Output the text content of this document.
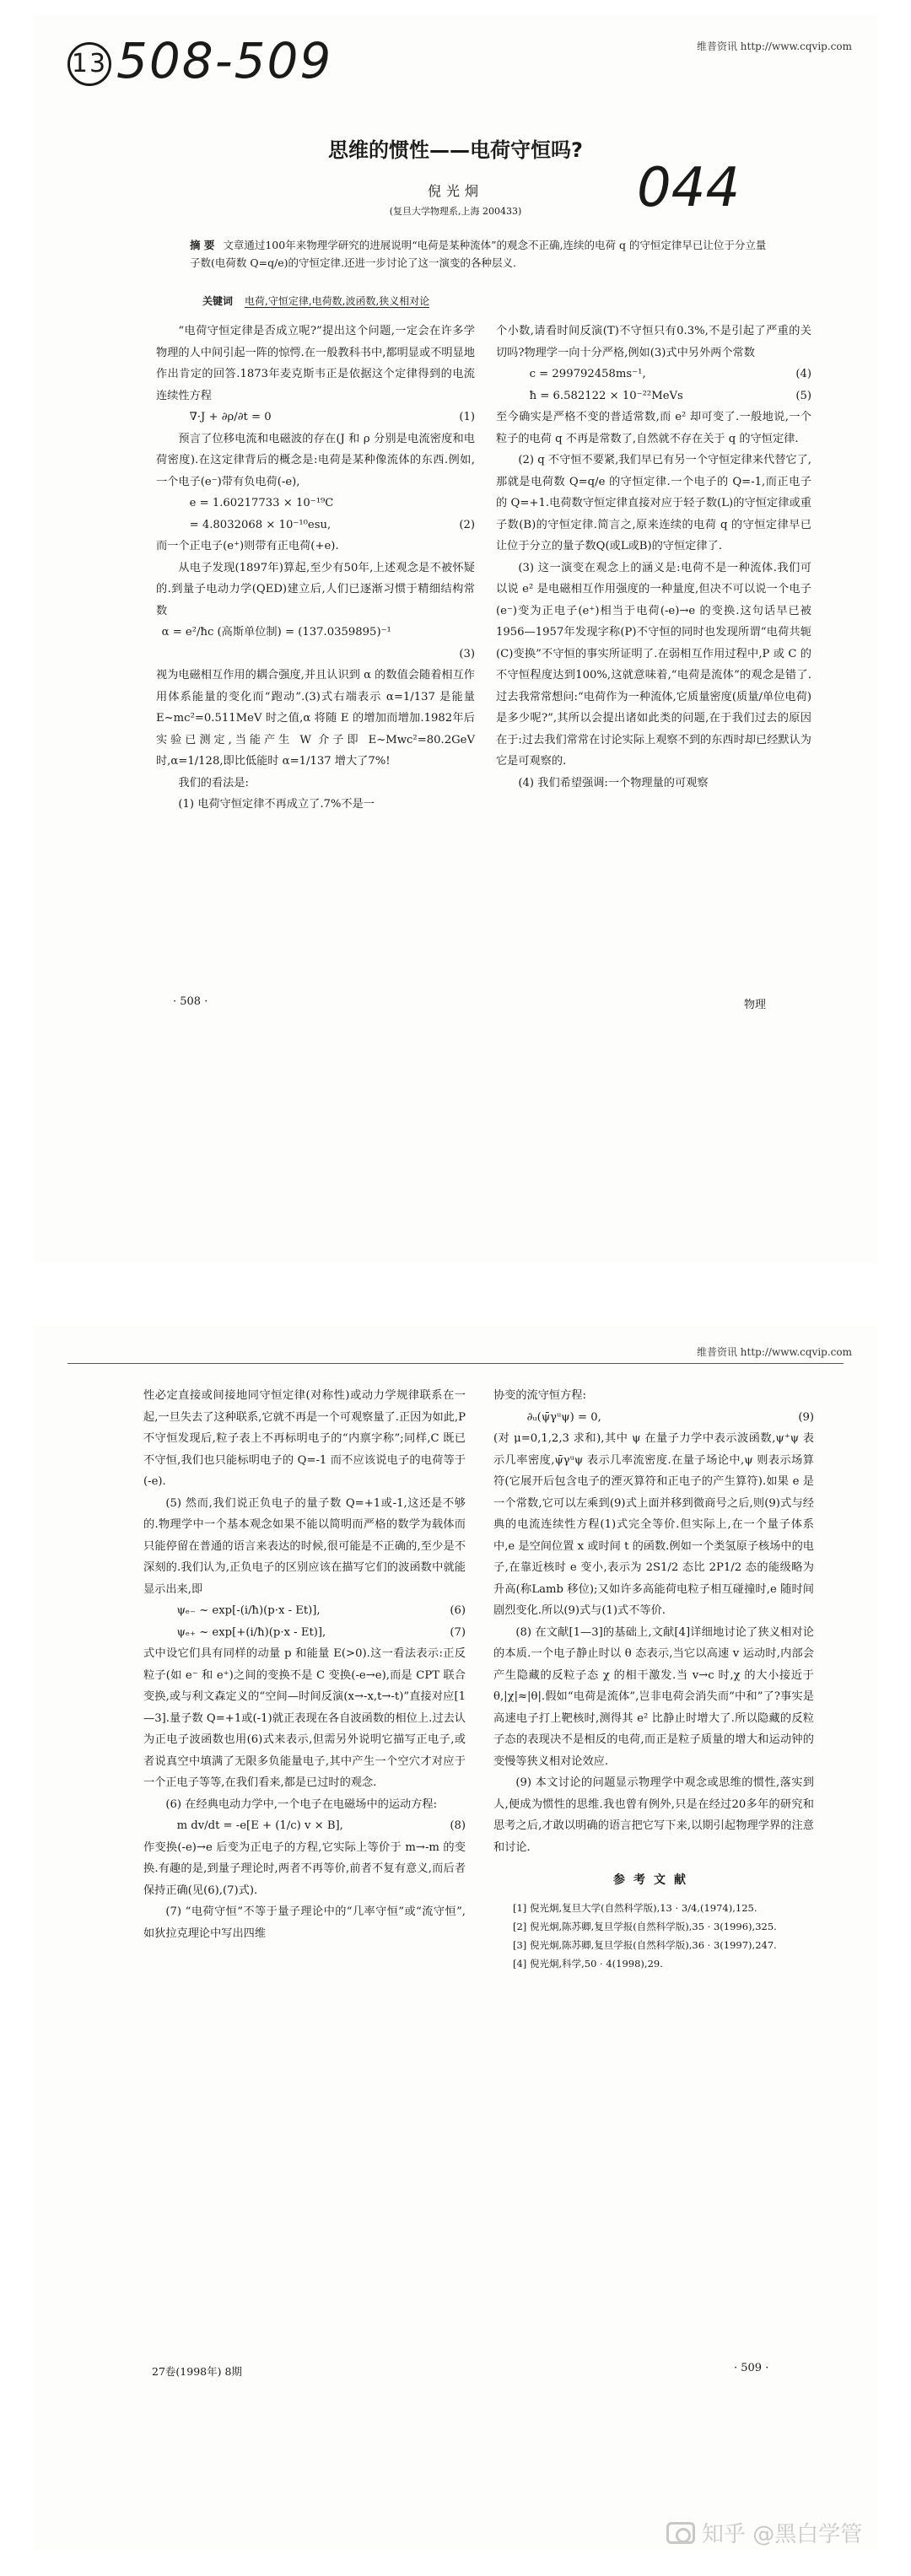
维普资讯 http://www.cqvip.com
13 508-509
044
思维的惯性——电荷守恒吗?
倪光炯
(复旦大学物理系,上海 200433)
摘 要 文章通过100年来物理学研究的进展说明“电荷是某种流体”的观念不正确,连续的电荷 q 的守恒定律早已让位于分立量子数(电荷数 Q=q/e)的守恒定律.还进一步讨论了这一演变的各种层义.
关键词 电荷,守恒定律,电荷数,波函数,狭义相对论

“电荷守恒定律是否成立呢?”提出这个问题,一定会在许多学物理的人中间引起一阵的惊愕.在一般教科书中,都明显或不明显地作出肯定的回答.1873年麦克斯韦正是依据这个定律得到的电流连续性方程

∇·J + ∂ρ/∂t = 0	(1)

预言了位移电流和电磁波的存在(J 和 ρ 分别是电流密度和电荷密度).在这定律背后的概念是:电荷是某种像流体的东西.例如,一个电子(e⁻)带有负电荷(-e),

e = 1.60217733 × 10⁻¹⁹C
= 4.8032068 × 10⁻¹⁰esu,	(2)

而一个正电子(e⁺)则带有正电荷(+e).

从电子发现(1897年)算起,至少有50年,上述观念是不被怀疑的.到量子电动力学(QED)建立后,人们已逐渐习惯于精细结构常数

α = e²/ħc (高斯单位制) = (137.0359895)⁻¹
(3)

视为电磁相互作用的耦合强度,并且认识到 α 的数值会随着相互作用体系能量的变化而“跑动”.(3)式右端表示 α=1/137 是能量 E~mc²=0.511MeV 时之值,α 将随 E 的增加而增加.1982年后实验已测定,当能产生 W 介子即 E~Mwc²=80.2GeV 时,α=1/128,即比低能时 α=1/137 增大了7%!

我们的看法是:

(1) 电荷守恒定律不再成立了.7%不是一

个小数,请看时间反演(T)不守恒只有0.3%,不是引起了严重的关切吗?物理学一向十分严格,例如(3)式中另外两个常数

c = 299792458ms⁻¹,	(4)
ħ = 6.582122 × 10⁻²²MeVs	(5)

至今确实是严格不变的普适常数,而 e² 却可变了.一般地说,一个粒子的电荷 q 不再是常数了,自然就不存在关于 q 的守恒定律.

(2) q 不守恒不要紧,我们早已有另一个守恒定律来代替它了,那就是电荷数 Q=q/e 的守恒定律.一个电子的 Q=-1,而正电子的 Q=+1.电荷数守恒定律直接对应于轻子数(L)的守恒定律或重子数(B)的守恒定律.简言之,原来连续的电荷 q 的守恒定律早已让位于分立的量子数Q(或L或B)的守恒定律了.

(3) 这一演变在观念上的涵义是:电荷不是一种流体.我们可以说 e² 是电磁相互作用强度的一种量度,但决不可以说一个电子(e⁻)变为正电子(e⁺)相当于电荷(-e)→e 的变换.这句话早已被1956—1957年发现字称(P)不守恒的同时也发现所谓“电荷共轭(C)变换”不守恒的事实所证明了.在弱相互作用过程中,P 或 C 的不守恒程度达到100%,这就意味着,“电荷是流体”的观念是错了.过去我常常想问:“电荷作为一种流体,它质量密度(质量/单位电荷)是多少呢?”,其所以会提出诸如此类的问题,在于我们过去的原因在于:过去我们常常在讨论实际上观察不到的东西时却已经默认为它是可观察的.

(4) 我们希望强调:一个物理量的可观察

· 508 ·	物理
维普资讯 http://www.cqvip.com

性必定直接或间接地同守恒定律(对称性)或动力学规律联系在一起,一旦失去了这种联系,它就不再是一个可观察量了.正因为如此,P 不守恒发现后,粒子表上不再标明电子的“内禀字称”;同样,C 既已不守恒,我们也只能标明电子的 Q=-1 而不应该说电子的电荷等于(-e).

(5) 然而,我们说正负电子的量子数 Q=+1或-1,这还是不够的.物理学中一个基本观念如果不能以简明而严格的数学为载体而只能停留在普通的语言来表达的时候,很可能是不正确的,至少是不深刻的.我们认为,正负电子的区别应该在描写它们的波函数中就能显示出来,即

ψₑ₋ ~ exp[-(i/ħ)(p·x - Et)],	(6)
ψₑ₊ ~ exp[+(i/ħ)(p·x - Et)],	(7)

式中设它们具有同样的动量 p 和能量 E(>0).这一看法表示:正反粒子(如 e⁻ 和 e⁺)之间的变换不是 C 变换(-e→e),而是 CPT 联合变换,或与利文森定义的“空间—时间反演(x→-x,t→-t)”直接对应[1—3].量子数 Q=+1或(-1)就正表现在各自波函数的相位上.过去认为正电子波函数也用(6)式来表示,但需另外说明它描写正电子,或者说真空中填满了无限多负能量电子,其中产生一个空穴才对应于一个正电子等等,在我们看来,都是已过时的观念.

(6) 在经典电动力学中,一个电子在电磁场中的运动方程:

m dv/dt = -e[E + (1/c) v × B],	(8)

作变换(-e)→e 后变为正电子的方程,它实际上等价于 m→-m 的变换.有趣的是,到量子理论时,两者不再等价,前者不复有意义,而后者保持正确(见(6),(7)式).

(7) “电荷守恒”不等于量子理论中的“几率守恒”或“流守恒”,如狄拉克理论中写出四维

协变的流守恒方程:

∂ᵤ(ψ̄γᵘψ) = 0,	(9)

(对 μ=0,1,2,3 求和),其中 ψ 在量子力学中表示波函数,ψ⁺ψ 表示几率密度,ψ̄γᵘψ 表示几率流密度.在量子场论中,ψ 则表示场算符(它展开后包含电子的湮灭算符和正电子的产生算符).如果 e 是一个常数,它可以左乘到(9)式上面并移到微商号之后,则(9)式与经典的电流连续性方程(1)式完全等价.但实际上,在一个量子体系中,e 是空间位置 x 或时间 t 的函数.例如一个类氢原子核场中的电子,在靠近核时 e 变小,表示为 2S1/2 态比 2P1/2 态的能级略为升高(称Lamb 移位);又如许多高能荷电粒子相互碰撞时,e 随时间剧烈变化.所以(9)式与(1)式不等价.

(8) 在文献[1—3]的基础上,文献[4]详细地讨论了狭义相对论的本质.一个电子静止时以 θ 态表示,当它以高速 v 运动时,内部会产生隐藏的反粒子态 χ 的相干激发.当 v→c 时,χ 的大小接近于 θ,|χ|≈|θ|.假如“电荷是流体”,岂非电荷会消失而“中和”了?事实是高速电子打上靶核时,测得其 e² 比静止时增大了.所以隐藏的反粒子态的表现决不是相反的电荷,而正是粒子质量的增大和运动钟的变慢等狭义相对论效应.

(9) 本文讨论的问题显示物理学中观念或思维的惯性,落实到人,便成为惯性的思维.我也曾有例外,只是在经过20多年的研究和思考之后,才敢以明确的语言把它写下来,以期引起物理学界的注意和讨论.

参考文献

[1] 倪光炯,复旦大学(自然科学版),13 · 3/4,(1974),125.

[2] 倪光炯,陈苏卿,复旦学报(自然科学版),35 · 3(1996),325.

[3] 倪光炯,陈苏卿,复旦学报(自然科学版),36 · 3(1997),247.

[4] 倪光炯,科学,50 · 4(1998),29.

27卷(1998年) 8期	· 509 ·
知乎 @黑白学管
